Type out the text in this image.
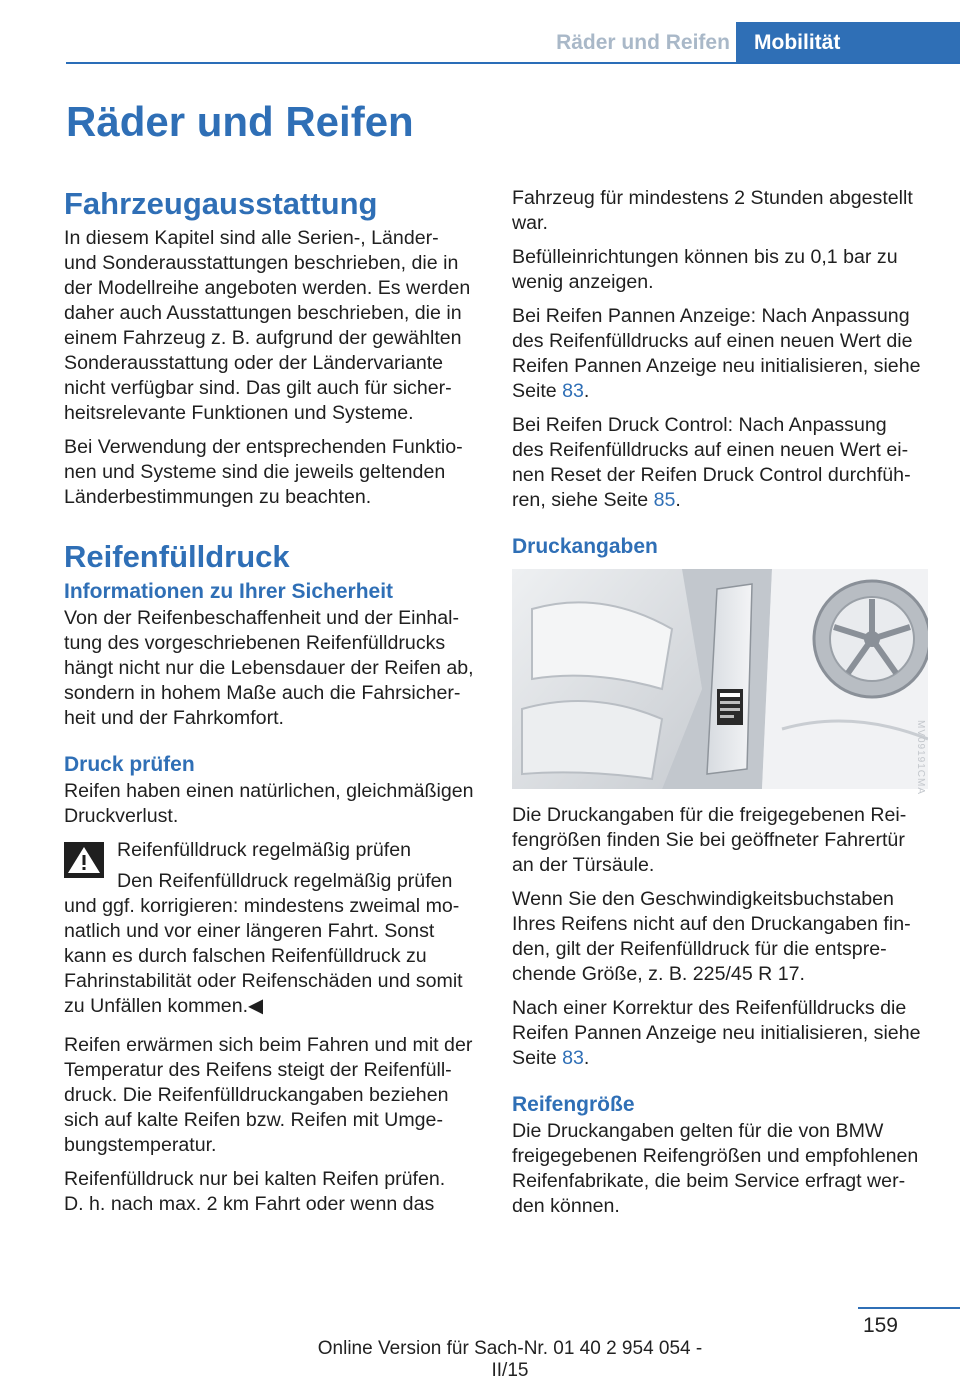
Räder und Reifen	Mobilität
Räder und Reifen
Fahrzeugausstattung

In diesem Kapitel sind alle Serien-, Länder-
und Sonderausstattungen beschrieben, die in
der Modellreihe angeboten werden. Es werden
daher auch Ausstattungen beschrieben, die in
einem Fahrzeug z. B. aufgrund der gewählten
Sonderausstattung oder der Ländervariante
nicht verfügbar sind. Das gilt auch für sicher-
heitsrelevante Funktionen und Systeme.

Bei Verwendung der entsprechenden Funktio-
nen und Systeme sind die jeweils geltenden
Länderbestimmungen zu beachten.

Reifenfülldruck
Informationen zu Ihrer Sicherheit

Von der Reifenbeschaffenheit und der Einhal-
tung des vorgeschriebenen Reifenfülldrucks
hängt nicht nur die Lebensdauer der Reifen ab,
sondern in hohem Maße auch die Fahrsicher-
heit und der Fahrkomfort.

Druck prüfen

Reifen haben einen natürlichen, gleichmäßigen
Druckverlust.

Reifenfülldruck regelmäßig prüfen

Den Reifenfülldruck regelmäßig prüfen

und ggf. korrigieren: mindestens zweimal mo-
natlich und vor einer längeren Fahrt. Sonst
kann es durch falschen Reifenfülldruck zu
Fahrinstabilität oder Reifenschäden und somit
zu Unfällen kommen.◀

Reifen erwärmen sich beim Fahren und mit der
Temperatur des Reifens steigt der Reifenfüll-
druck. Die Reifenfülldruckangaben beziehen
sich auf kalte Reifen bzw. Reifen mit Umge-
bungstemperatur.

Reifenfülldruck nur bei kalten Reifen prüfen.
D. h. nach max. 2 km Fahrt oder wenn das

Fahrzeug für mindestens 2 Stunden abgestellt
war.

Befülleinrichtungen können bis zu 0,1 bar zu
wenig anzeigen.

Bei Reifen Pannen Anzeige: Nach Anpassung
des Reifenfülldrucks auf einen neuen Wert die
Reifen Pannen Anzeige neu initialisieren, siehe
Seite 83.

Bei Reifen Druck Control: Nach Anpassung
des Reifenfülldrucks auf einen neuen Wert ei-
nen Reset der Reifen Druck Control durchfüh-
ren, siehe Seite 85.

Druckangaben

Die Druckangaben für die freigegebenen Rei-
fengrößen finden Sie bei geöffneter Fahrertür
an der Türsäule.

Wenn Sie den Geschwindigkeitsbuchstaben
Ihres Reifens nicht auf den Druckangaben fin-
den, gilt der Reifenfülldruck für die entspre-
chende Größe, z. B. 225/45 R 17.

Nach einer Korrektur des Reifenfülldrucks die
Reifen Pannen Anzeige neu initialisieren, siehe
Seite 83.

Reifengröße

Die Druckangaben gelten für die von BMW
freigegebenen Reifengrößen und empfohlenen
Reifenfabrikate, die beim Service erfragt wer-
den können.

MV09191CMA
159
Online Version für Sach-Nr. 01 40 2 954 054 - II/15
